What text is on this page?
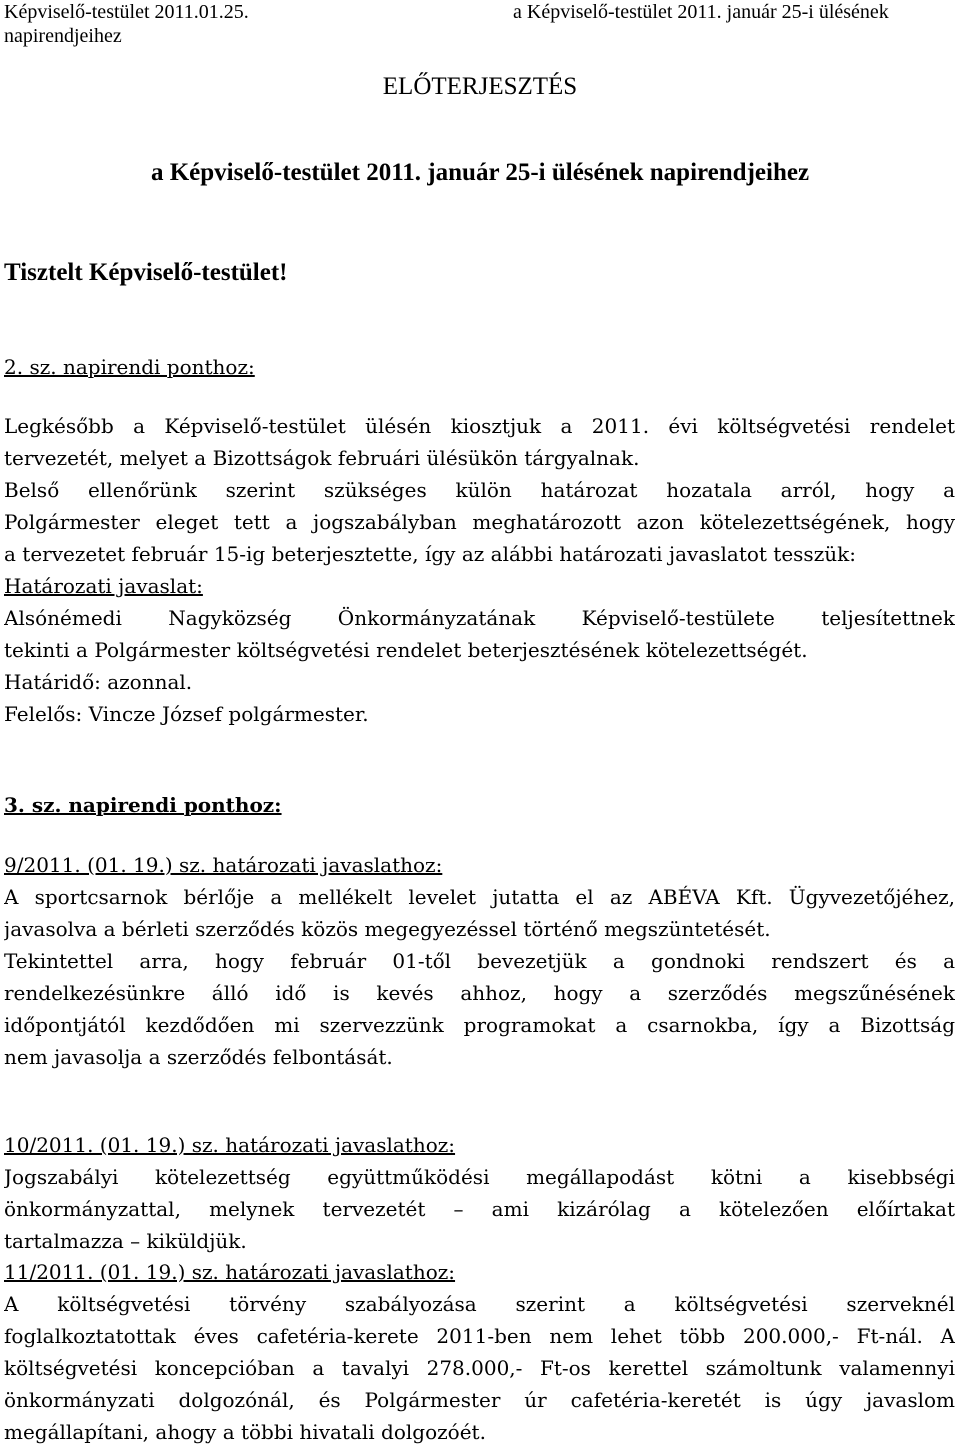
Képviselő-testület 2011.01.25.
napirendjeihez
a Képviselő-testület 2011. január 25-i ülésének
ELŐTERJESZTÉS
a Képviselő-testület 2011. január 25-i ülésének napirendjeihez
Tisztelt Képviselő-testület!
2. sz. napirendi ponthoz:
Legkésőbb a Képviselő-testület ülésén kiosztjuk a 2011. évi költségvetési rendelet
tervezetét, melyet a Bizottságok februári ülésükön tárgyalnak.
Belső ellenőrünk szerint szükséges külön határozat hozatala arról, hogy a
Polgármester eleget tett a jogszabályban meghatározott azon kötelezettségének, hogy
a tervezetet február 15-ig beterjesztette, így az alábbi határozati javaslatot tesszük:
Határozati javaslat:
Alsónémedi Nagyközség Önkormányzatának Képviselő-testülete teljesítettnek
tekinti a Polgármester költségvetési rendelet beterjesztésének kötelezettségét.
Határidő: azonnal.
Felelős: Vincze József polgármester.
3. sz. napirendi ponthoz:
9/2011. (01. 19.) sz. határozati javaslathoz:
A sportcsarnok bérlője a mellékelt levelet jutatta el az ABÉVA Kft. Ügyvezetőjéhez,
javasolva a bérleti szerződés közös megegyezéssel történő megszüntetését.
Tekintettel arra, hogy február 01-től bevezetjük a gondnoki rendszert és a
rendelkezésünkre álló idő is kevés ahhoz, hogy a szerződés megszűnésének
időpontjától kezdődően mi szervezzünk programokat a csarnokba, így a Bizottság
nem javasolja a szerződés felbontását.
10/2011. (01. 19.) sz. határozati javaslathoz:
Jogszabályi kötelezettség együttműködési megállapodást kötni a kisebbségi
önkormányzattal, melynek tervezetét – ami kizárólag a kötelezően előírtakat
tartalmazza – kiküldjük.
11/2011. (01. 19.) sz. határozati javaslathoz:
A költségvetési törvény szabályozása szerint a költségvetési szerveknél
foglalkoztatottak éves cafetéria-kerete 2011-ben nem lehet több 200.000,- Ft-nál. A
költségvetési koncepcióban a tavalyi 278.000,- Ft-os kerettel számoltunk valamennyi
önkormányzati dolgozónál, és Polgármester úr cafetéria-keretét is úgy javaslom
megállapítani, ahogy a többi hivatali dolgozóét.
